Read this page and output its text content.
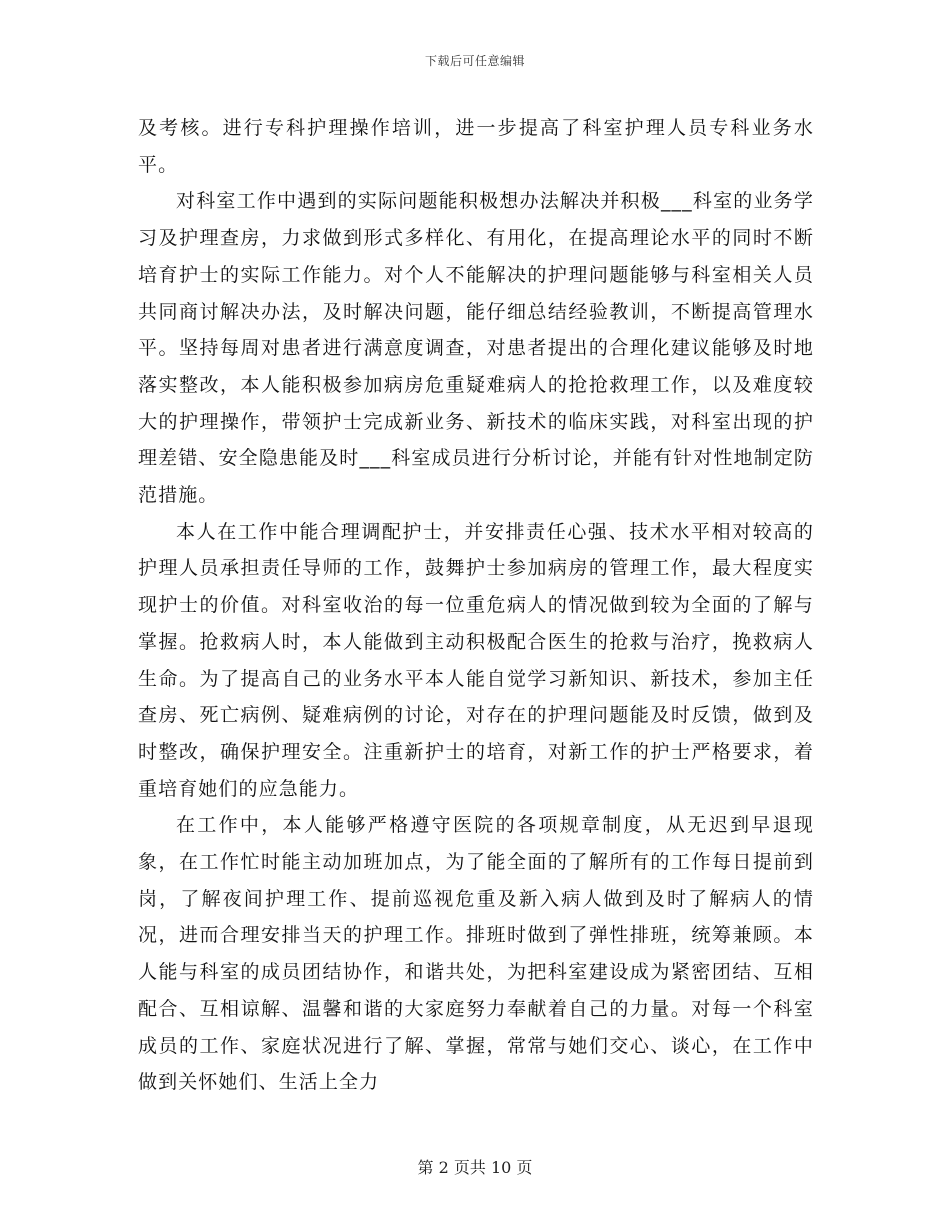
下载后可任意编辑

及考核。进行专科护理操作培训，进一步提高了科室护理人员专科业务水平。

对科室工作中遇到的实际问题能积极想办法解决并积极___科室的业务学习及护理查房，力求做到形式多样化、有用化，在提高理论水平的同时不断培育护士的实际工作能力。对个人不能解决的护理问题能够与科室相关人员共同商讨解决办法，及时解决问题，能仔细总结经验教训，不断提高管理水平。坚持每周对患者进行满意度调查，对患者提出的合理化建议能够及时地落实整改，本人能积极参加病房危重疑难病人的抢抢救理工作，以及难度较大的护理操作，带领护士完成新业务、新技术的临床实践，对科室出现的护理差错、安全隐患能及时___科室成员进行分析讨论，并能有针对性地制定防范措施。

本人在工作中能合理调配护士，并安排责任心强、技术水平相对较高的护理人员承担责任导师的工作，鼓舞护士参加病房的管理工作，最大程度实现护士的价值。对科室收治的每一位重危病人的情况做到较为全面的了解与掌握。抢救病人时，本人能做到主动积极配合医生的抢救与治疗，挽救病人生命。为了提高自己的业务水平本人能自觉学习新知识、新技术，参加主任查房、死亡病例、疑难病例的讨论，对存在的护理问题能及时反馈，做到及时整改，确保护理安全。注重新护士的培育，对新工作的护士严格要求，着重培育她们的应急能力。

在工作中，本人能够严格遵守医院的各项规章制度，从无迟到早退现象，在工作忙时能主动加班加点，为了能全面的了解所有的工作每日提前到岗，了解夜间护理工作、提前巡视危重及新入病人做到及时了解病人的情况，进而合理安排当天的护理工作。排班时做到了弹性排班，统筹兼顾。本人能与科室的成员团结协作，和谐共处，为把科室建设成为紧密团结、互相配合、互相谅解、温馨和谐的大家庭努力奉献着自己的力量。对每一个科室成员的工作、家庭状况进行了解、掌握，常常与她们交心、谈心，在工作中做到关怀她们、生活上全力

第 2 页共 10 页
